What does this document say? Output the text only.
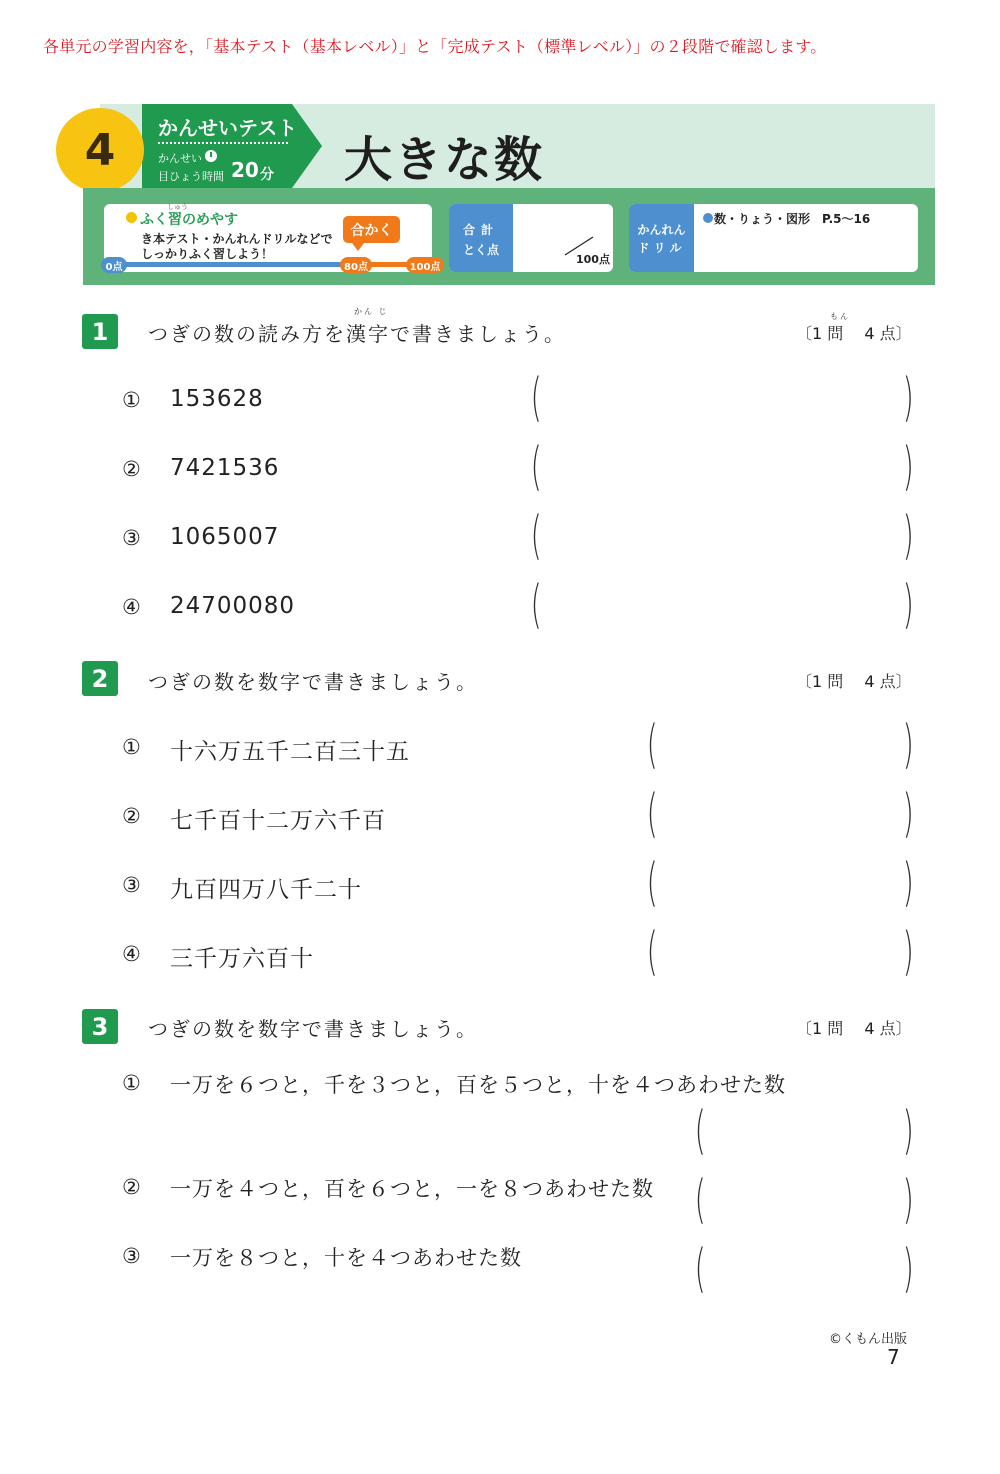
各単元の学習内容を，「基本テスト（基本レベル）」と「完成テスト（標準レベル）」の２段階で確認します。
4	かんせいテスト
かんせい
目ひょう時間 20 分 大きな数
しゅう
ふく習のめやす
き本テスト・かんれんドリルなどで
しっかりふく習しよう！
合かく
0点	80点	100点
合計
とく点
100点
かんれん
ドリル
数・りょう・図形　P.5〜16
1
かん じ
つぎの数の読み方を漢字で書きましょう。
もん
〔1 問　 4 点〕
①	153628	(	)
②	7421536	(	)
③	1065007	(	)
④	24700080	(	)
2	つぎの数を数字で書きましょう。	〔1 問　 4 点〕
①	十六万五千二百三十五	(	)
②	七千百十二万六千百	(	)
③	九百四万八千二十	(	)
④	三千万六百十	(	)
3	つぎの数を数字で書きましょう。	〔1 問　 4 点〕
①	一万を６つと，千を３つと，百を５つと，十を４つあわせた数
(	)
②	一万を４つと，百を６つと，一を８つあわせた数 (	)
③	一万を８つと，十を４つあわせた数	(	)
©くもん出版
7
